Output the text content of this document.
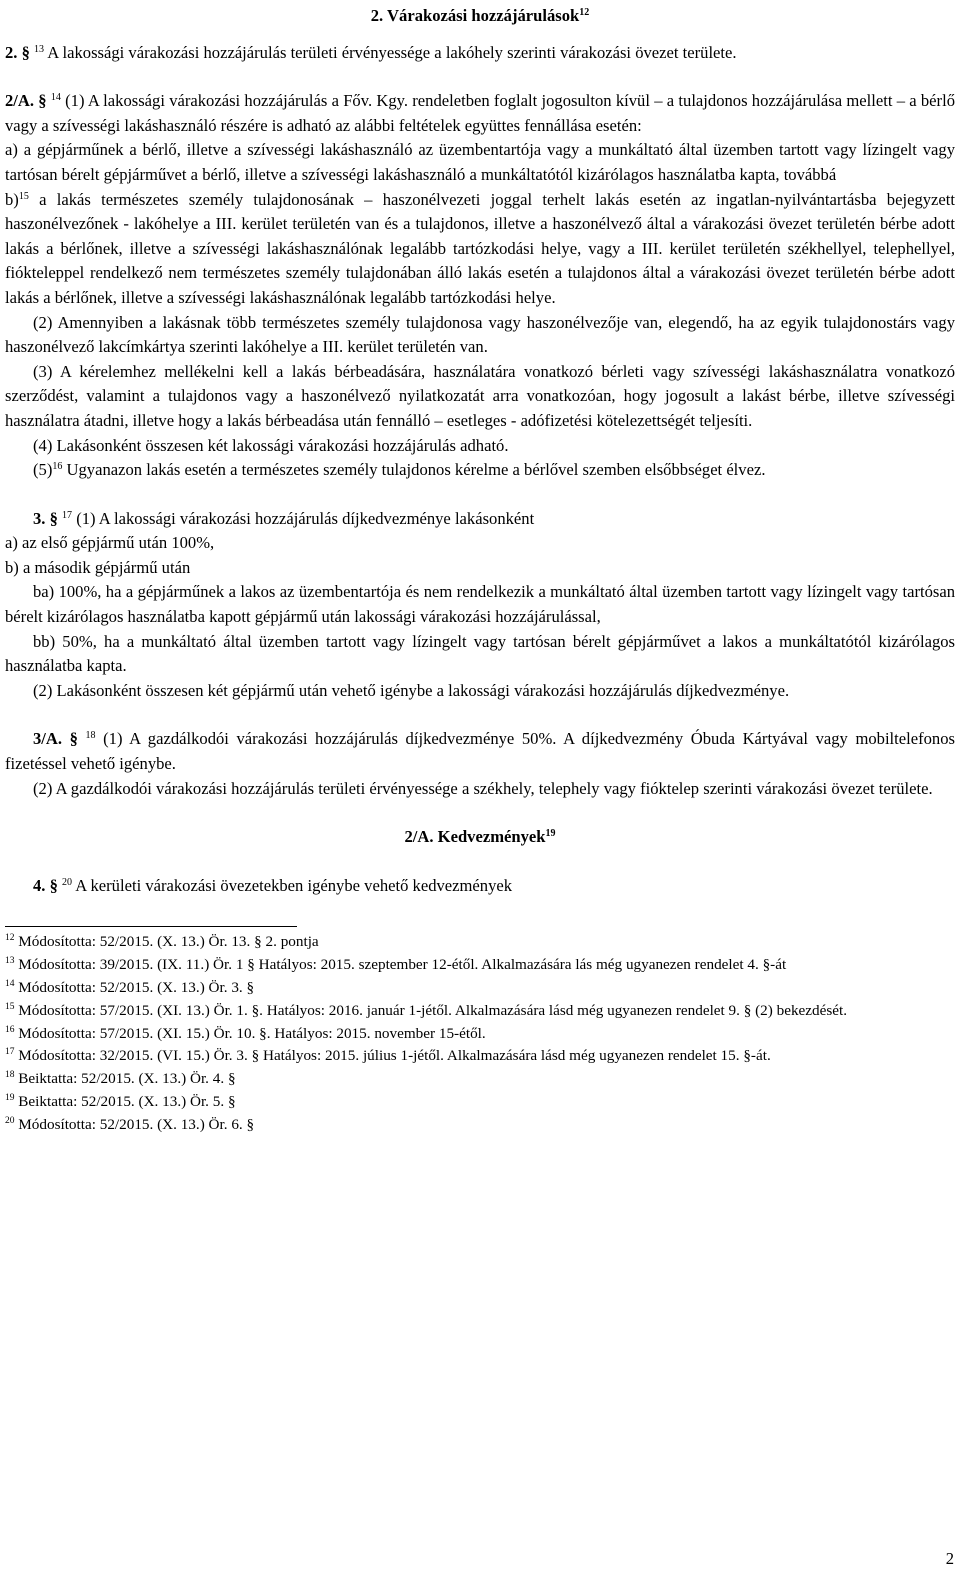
2. Várakozási hozzájárulások$^{12}$

2. § $^{13}$ A lakossági várakozási hozzájárulás területi érvényessége a lakóhely szerinti várakozási övezet területe.

2/A. § $^{14}$ (1) A lakossági várakozási hozzájárulás a Főv. Kgy. rendeletben foglalt jogosulton kívül – a tulajdonos hozzájárulása mellett – a bérlő vagy a szívességi lakáshasználó részére is adható az alábbi feltételek együttes fennállása esetén:

a) a gépjárműnek a bérlő, illetve a szívességi lakáshasználó az üzembentartója vagy a munkáltató által üzemben tartott vagy lízingelt vagy tartósan bérelt gépjárművet a bérlő, illetve a szívességi lakáshasználó a munkáltatótól kizárólagos használatba kapta, továbbá

b)$^{15}$ a lakás természetes személy tulajdonosának – haszonélvezeti joggal terhelt lakás esetén az ingatlan-nyilvántartásba bejegyzett haszonélvezőnek - lakóhelye a III. kerület területén van és a tulajdonos, illetve a haszonélvező által a várakozási övezet területén bérbe adott lakás a bérlőnek, illetve a szívességi lakáshasználónak legalább tartózkodási helye, vagy a III. kerület területén székhellyel, telephellyel, fiókteleppel rendelkező nem természetes személy tulajdonában álló lakás esetén a tulajdonos által a várakozási övezet területén bérbe adott lakás a bérlőnek, illetve a szívességi lakáshasználónak legalább tartózkodási helye.

(2) Amennyiben a lakásnak több természetes személy tulajdonosa vagy haszonélvezője van, elegendő, ha az egyik tulajdonostárs vagy haszonélvező lakcímkártya szerinti lakóhelye a III. kerület területén van.

(3) A kérelemhez mellékelni kell a lakás bérbeadására, használatára vonatkozó bérleti vagy szívességi lakáshasználatra vonatkozó szerződést, valamint a tulajdonos vagy a haszonélvező nyilatkozatát arra vonatkozóan, hogy jogosult a lakást bérbe, illetve szívességi használatra átadni, illetve hogy a lakás bérbeadása után fennálló – esetleges - adófizetési kötelezettségét teljesíti.

(4) Lakásonként összesen két lakossági várakozási hozzájárulás adható.

$(5)^{16}$ Ugyanazon lakás esetén a természetes személy tulajdonos kérelme a bérlővel szemben elsőbbséget élvez.

3. § $^{17}$ (1) A lakossági várakozási hozzájárulás díjkedvezménye lakásonként

a) az első gépjármű után 100%,

b) a második gépjármű után

ba) 100%, ha a gépjárműnek a lakos az üzembentartója és nem rendelkezik a munkáltató által üzemben tartott vagy lízingelt vagy tartósan bérelt kizárólagos használatba kapott gépjármű után lakossági várakozási hozzájárulással,

bb) 50%, ha a munkáltató által üzemben tartott vagy lízingelt vagy tartósan bérelt gépjárművet a lakos a munkáltatótól kizárólagos használatba kapta.

(2) Lakásonként összesen két gépjármű után vehető igénybe a lakossági várakozási hozzájárulás díjkedvezménye.

3/A. § $^{18}$ (1) A gazdálkodói várakozási hozzájárulás díjkedvezménye 50%. A díjkedvezmény Óbuda Kártyával vagy mobiltelefonos fizetéssel vehető igénybe.

(2) A gazdálkodói várakozási hozzájárulás területi érvényessége a székhely, telephely vagy fióktelep szerinti várakozási övezet területe.

2/A. Kedvezmények$^{19}$

4. § $^{20}$ A kerületi várakozási övezetekben igénybe vehető kedvezmények

$^{12}$ Módosította: 52/2015. (X. 13.) Ör. 13. § 2. pontja

$^{13}$ Módosította: 39/2015. (IX. 11.) Ör. 1 § Hatályos: 2015. szeptember 12-étől. Alkalmazására lás még ugyanezen rendelet 4. §-át

$^{14}$ Módosította: 52/2015. (X. 13.) Ör. 3. §

$^{15}$ Módosította: 57/2015. (XI. 13.) Ör. 1. §. Hatályos: 2016. január 1-jétől. Alkalmazására lásd még ugyanezen rendelet 9. § (2) bekezdését.

$^{16}$ Módosította: 57/2015. (XI. 15.) Ör. 10. §. Hatályos: 2015. november 15-étől.

$^{17}$ Módosította: 32/2015. (VI. 15.) Ör. 3. § Hatályos: 2015. július 1-jétől. Alkalmazására lásd még ugyanezen rendelet 15. §-át.

$^{18}$ Beiktatta: 52/2015. (X. 13.) Ör. 4. §

$^{19}$ Beiktatta: 52/2015. (X. 13.) Ör. 5. §

$^{20}$ Módosította: 52/2015. (X. 13.) Ör. 6. §

2
